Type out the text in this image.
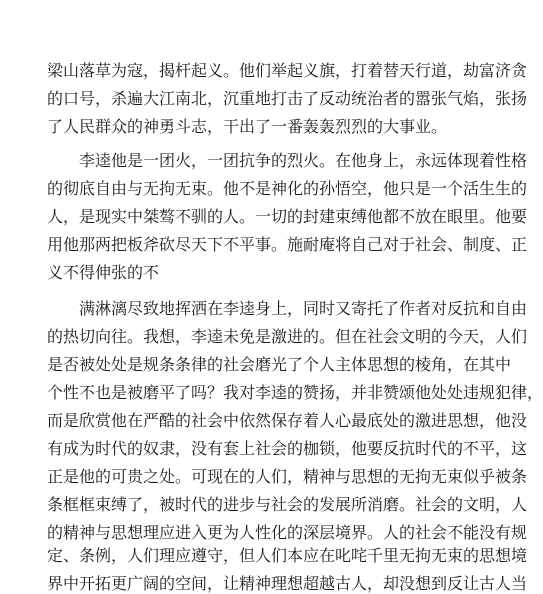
梁山落草为寇，揭杆起义。他们举起义旗，打着替天行道，劫富济贪
的口号，杀遍大江南北，沉重地打击了反动统治者的嚣张气焰，张扬
了人民群众的神勇斗志，干出了一番轰轰烈烈的大事业。
李逵他是一团火，一团抗争的烈火。在他身上，永远体现着性格
的彻底自由与无拘无束。他不是神化的孙悟空，他只是一个活生生的
人，是现实中桀骜不驯的人。一切的封建束缚他都不放在眼里。他要
用他那两把板斧砍尽天下不平事。施耐庵将自己对于社会、制度、正
义不得伸张的不
满淋漓尽致地挥洒在李逵身上，同时又寄托了作者对反抗和自由
的热切向往。我想，李逵未免是激进的。但在社会文明的今天，人们
是否被处处是规条条律的社会磨光了个人主体思想的棱角，在其中
个性不也是被磨平了吗？我对李逵的赞扬，并非赞颂他处处违规犯律，
而是欣赏他在严酷的社会中依然保存着人心最底处的激进思想，他没
有成为时代的奴隶，没有套上社会的枷锁，他要反抗时代的不平，这
正是他的可贵之处。可现在的人们，精神与思想的无拘无束似乎被条
条框框束缚了，被时代的进步与社会的发展所消磨。社会的文明，人
的精神与思想理应进入更为人性化的深层境界。人的社会不能没有规
定、条例，人们理应遵守，但人们本应在叱咤千里无拘无束的思想境
界中开拓更广阔的空间，让精神理想超越古人，却没想到反让古人当
